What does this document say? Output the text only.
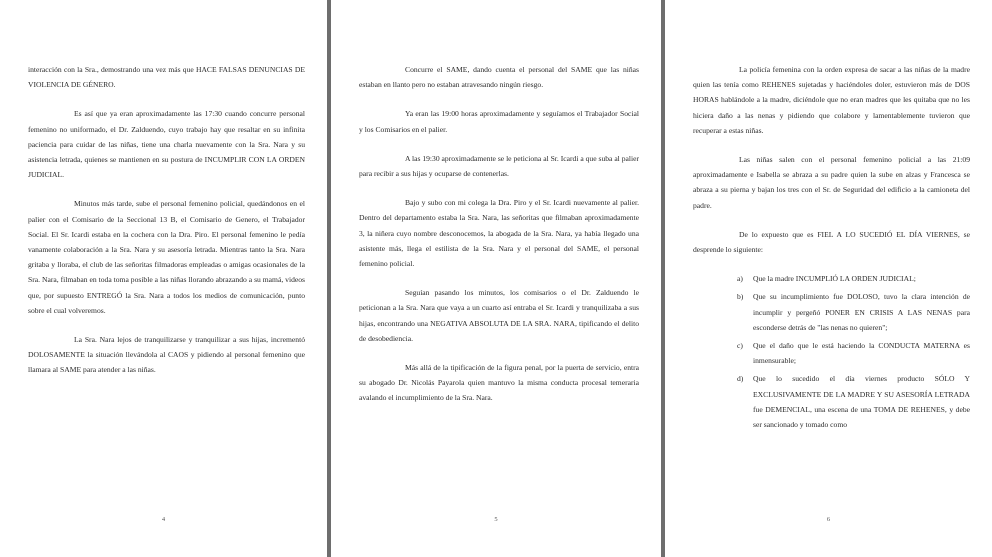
interacción con la Sra., demostrando una vez más que HACE FALSAS DENUNCIAS DE VIOLENCIA DE GÉNERO.

Es así que ya eran aproximadamente las 17:30 cuando concurre personal femenino no uniformado, el Dr. Zalduendo, cuyo trabajo hay que resaltar en su infinita paciencia para cuidar de las niñas, tiene una charla nuevamente con la Sra. Nara y su asistencia letrada, quienes se mantienen en su postura de INCUMPLIR CON LA ORDEN JUDICIAL.

Minutos más tarde, sube el personal femenino policial, quedándonos en el palier con el Comisario de la Seccional 13 B, el Comisario de Genero, el Trabajador Social. El Sr. Icardi estaba en la cochera con la Dra. Piro. El personal femenino le pedía vanamente colaboración a la Sra. Nara y su asesoría letrada. Mientras tanto la Sra. Nara gritaba y lloraba, el club de las señoritas filmadoras empleadas o amigas ocasionales de la Sra. Nara, filmaban en toda toma posible a las niñas llorando abrazando a su mamá, videos que, por supuesto ENTREGÓ la Sra. Nara a todos los medios de comunicación, punto sobre el cual volveremos.

La Sra. Nara lejos de tranquilizarse y tranquilizar a sus hijas, incrementó DOLOSAMENTE la situación llevándola al CAOS y pidiendo al personal femenino que llamara al SAME para atender a las niñas.

4

Concurre el SAME, dando cuenta el personal del SAME que las niñas estaban en llanto pero no estaban atravesando ningún riesgo.

Ya eran las 19:00 horas aproximadamente y seguíamos el Trabajador Social y los Comisarios en el palier.

A las 19:30 aproximadamente se le peticiona al Sr. Icardi a que suba al palier para recibir a sus hijas y ocuparse de contenerlas.

Bajo y subo con mi colega la Dra. Piro y el Sr. Icardi nuevamente al palier. Dentro del departamento estaba la Sra. Nara, las señoritas que filmaban aproximadamente 3, la niñera cuyo nombre desconocemos, la abogada de la Sra. Nara, ya había llegado una asistente más, llega el estilista de la Sra. Nara y el personal del SAME, el personal femenino policial.

Seguían pasando los minutos, los comisarios o el Dr. Zalduendo le peticionan a la Sra. Nara que vaya a un cuarto así entraba el Sr. Icardi y tranquilizaba a sus hijas, encontrando una NEGATIVA ABSOLUTA DE LA SRA. NARA, tipificando el delito de desobediencia.

Más allá de la tipificación de la figura penal, por la puerta de servicio, entra su abogado Dr. Nicolás Payarola quien mantuvo la misma conducta procesal temeraria avalando el incumplimiento de la Sra. Nara.

5

La policía femenina con la orden expresa de sacar a las niñas de la madre quien las tenía como REHENES sujetadas y haciéndoles doler, estuvieron más de DOS HORAS hablándole a la madre, diciéndole que no eran madres que les quitaba que no les hiciera daño a las nenas y pidiendo que colabore y lamentablemente tuvieron que recuperar a estas niñas.

Las niñas salen con el personal femenino policial a las 21:09 aproximadamente e Isabella se abraza a su padre quien la sube en alzas y Francesca se abraza a su pierna y bajan los tres con el Sr. de Seguridad del edificio a la camioneta del padre.

De lo expuesto que es FIEL A LO SUCEDIÓ EL DÍA VIERNES, se desprende lo siguiente:

a) Que la madre INCUMPLIÓ LA ORDEN JUDICIAL;
b) Que su incumplimiento fue DOLOSO, tuvo la clara intención de incumplir y pergeñó PONER EN CRISIS A LAS NENAS para esconderse detrás de "las nenas no quieren";
c) Que el daño que le está haciendo la CONDUCTA MATERNA es inmensurable;
d) Que lo sucedido el día viernes producto SÓLO Y EXCLUSIVAMENTE DE LA MADRE Y SU ASESORÍA LETRADA fue DEMENCIAL, una escena de una TOMA DE REHENES, y debe ser sancionado y tomado como
6
